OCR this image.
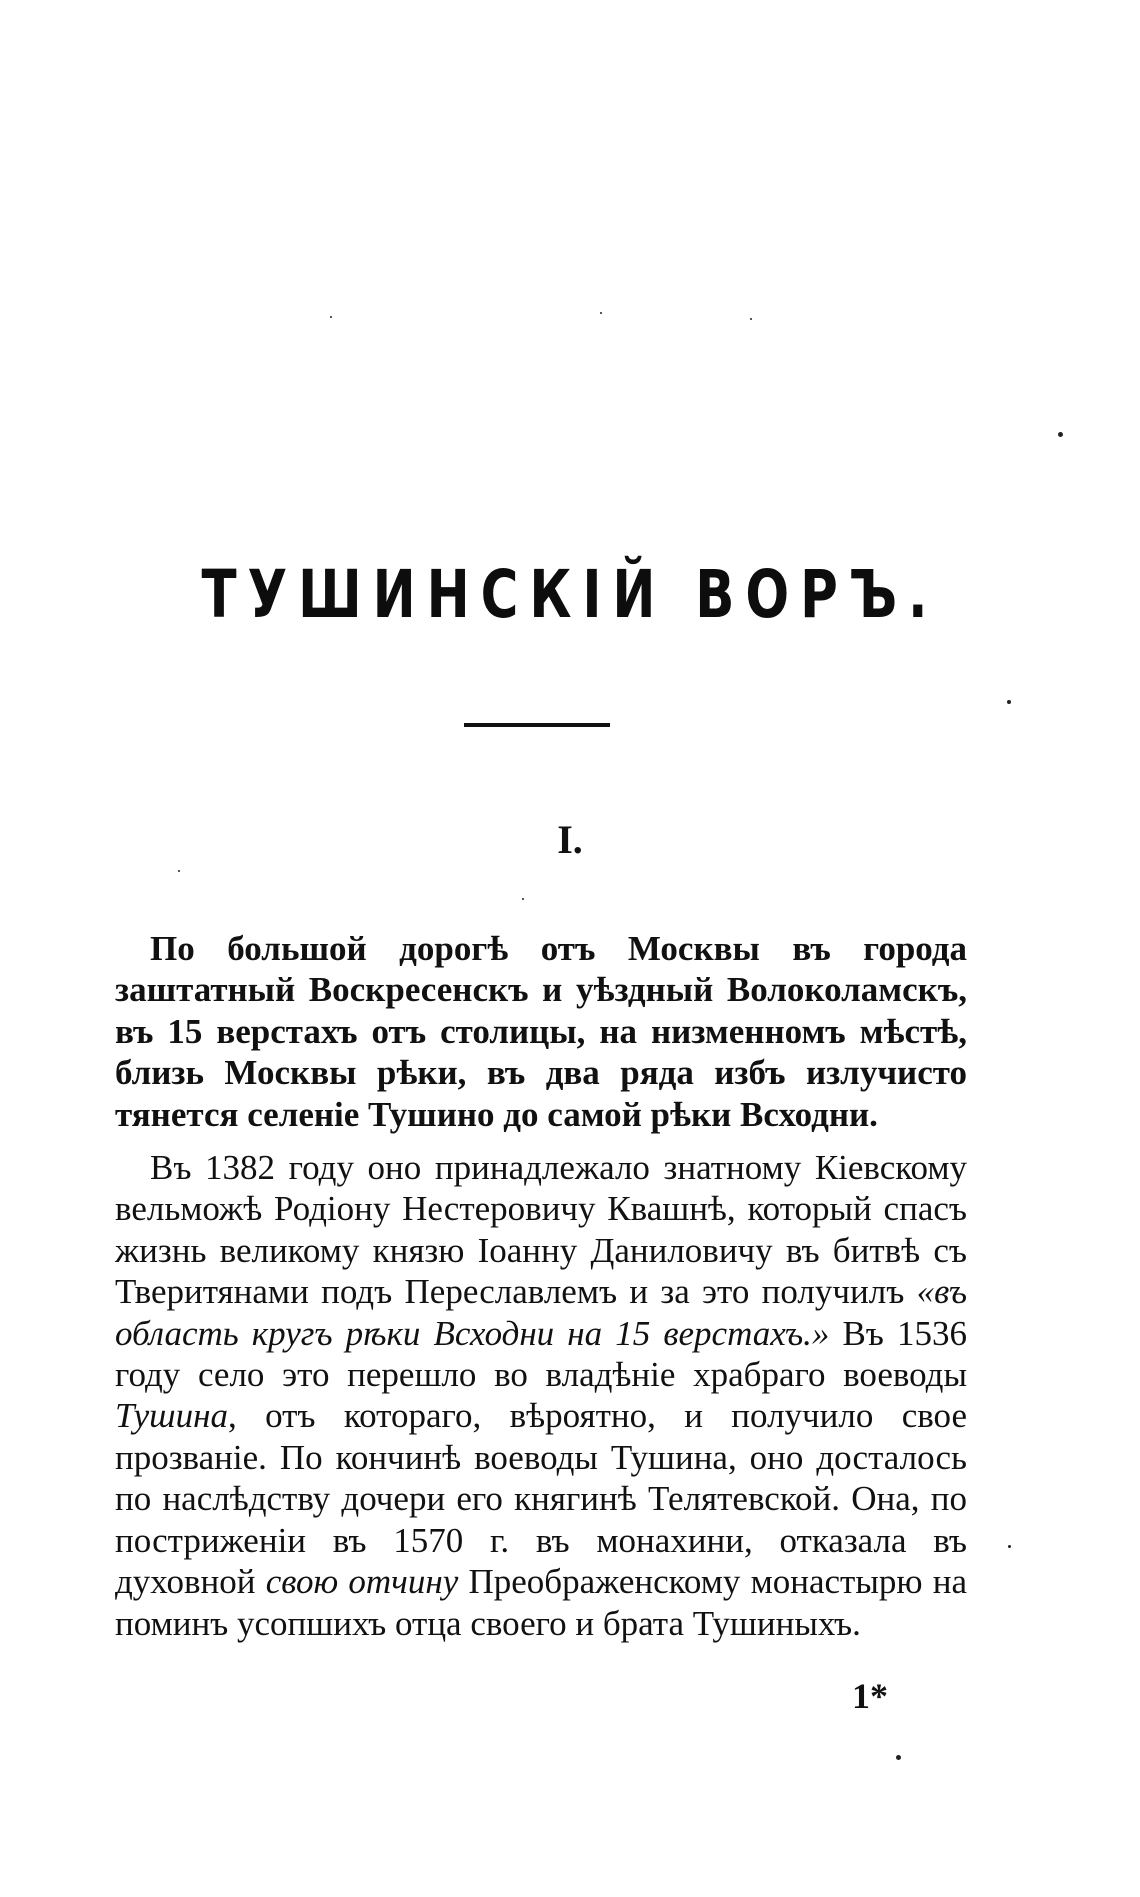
ТУШИНСКІЙ ВОРЪ.
I.

По большой дорогѣ отъ Москвы въ города заштатный Воскресенскъ и уѣздный Волоколамскъ, въ 15 верстахъ отъ столицы, на низменномъ мѣстѣ, близь Москвы рѣки, въ два ряда избъ излучисто тянется селеніе Тушино до самой рѣки Всходни.

Въ 1382 году оно принадлежало знатному Кіевскому вельможѣ Родіону Нестеровичу Квашнѣ, который спасъ жизнь великому князю Іоанну Даниловичу въ битвѣ съ Тверитянами подъ Переславлемъ и за это получилъ «въ область кругъ рѣки Всходни на 15 верстахъ.» Въ 1536 году село это перешло во владѣніе храбраго воеводы Тушина, отъ котораго, вѣроятно, и получило свое прозваніе. По кончинѣ воеводы Тушина, оно досталось по наслѣдству дочери его княгинѣ Телятевской. Она, по постриженіи въ 1570 г. въ монахини, отказала въ духовной свою отчину Преображенскому монастырю на поминъ усопшихъ отца своего и брата Тушиныхъ.

1*
